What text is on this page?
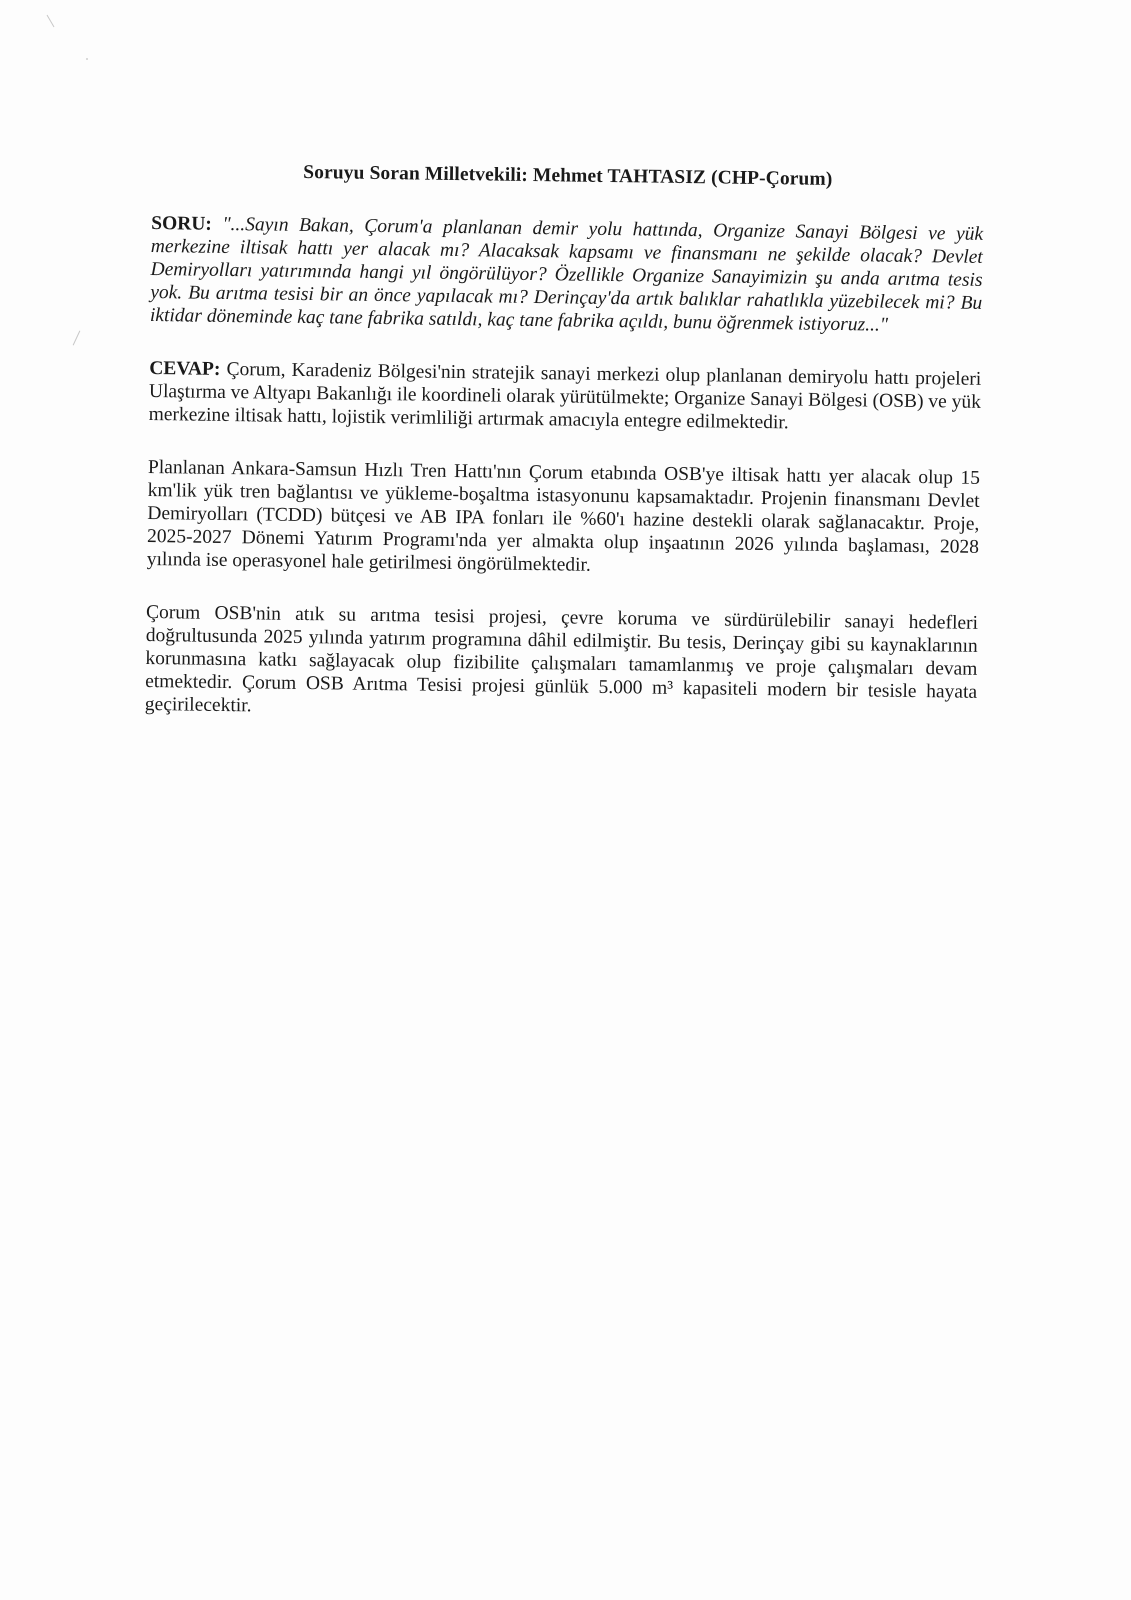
Soruyu Soran Milletvekili: Mehmet TAHTASIZ (CHP-Çorum)

SORU: "...Sayın Bakan, Çorum'a planlanan demir yolu hattında, Organize Sanayi Bölgesi ve yük merkezine iltisak hattı yer alacak mı? Alacaksak kapsamı ve finansmanı ne şekilde olacak? Devlet Demiryolları yatırımında hangi yıl öngörülüyor? Özellikle Organize Sanayimizin şu anda arıtma tesis yok. Bu arıtma tesisi bir an önce yapılacak mı? Derinçay'da artık balıklar rahatlıkla yüzebilecek mi? Bu iktidar döneminde kaç tane fabrika satıldı, kaç tane fabrika açıldı, bunu öğrenmek istiyoruz..."

CEVAP: Çorum, Karadeniz Bölgesi'nin stratejik sanayi merkezi olup planlanan demiryolu hattı projeleri Ulaştırma ve Altyapı Bakanlığı ile koordineli olarak yürütülmekte; Organize Sanayi Bölgesi (OSB) ve yük merkezine iltisak hattı, lojistik verimliliği artırmak amacıyla entegre edilmektedir.

Planlanan Ankara-Samsun Hızlı Tren Hattı'nın Çorum etabında OSB'ye iltisak hattı yer alacak olup 15 km'lik yük tren bağlantısı ve yükleme-boşaltma istasyonunu kapsamaktadır. Projenin finansmanı Devlet Demiryolları (TCDD) bütçesi ve AB IPA fonları ile %60'ı hazine destekli olarak sağlanacaktır. Proje, 2025-2027 Dönemi Yatırım Programı'nda yer almakta olup inşaatının 2026 yılında başlaması, 2028 yılında ise operasyonel hale getirilmesi öngörülmektedir.

Çorum OSB'nin atık su arıtma tesisi projesi, çevre koruma ve sürdürülebilir sanayi hedefleri doğrultusunda 2025 yılında yatırım programına dâhil edilmiştir. Bu tesis, Derinçay gibi su kaynaklarının korunmasına katkı sağlayacak olup fizibilite çalışmaları tamamlanmış ve proje çalışmaları devam etmektedir. Çorum OSB Arıtma Tesisi projesi günlük 5.000 m³ kapasiteli modern bir tesisle hayata geçirilecektir.
